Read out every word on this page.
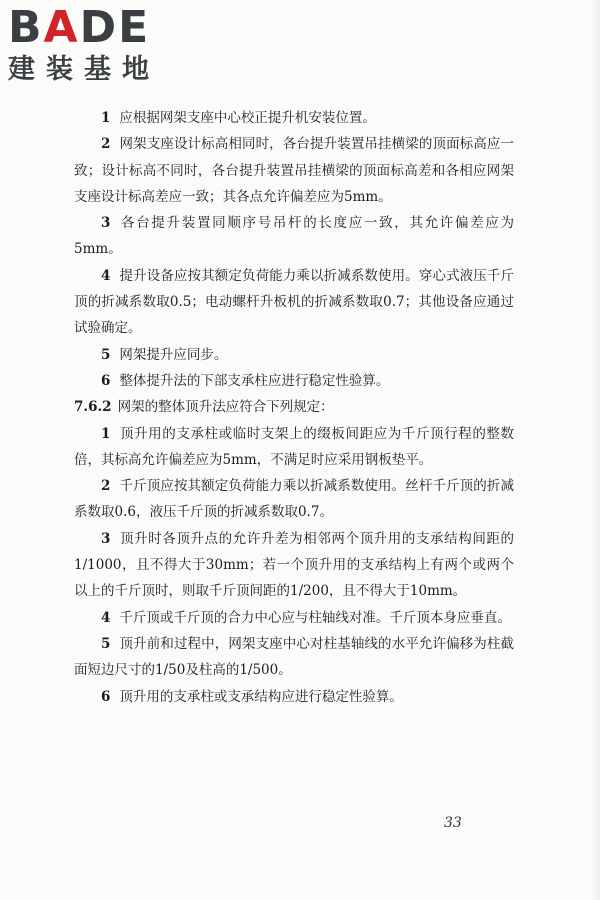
BADE
建装基地

1 应根据网架支座中心校正提升机安装位置。

2 网架支座设计标高相同时，各台提升装置吊挂横梁的顶面标高应一致；设计标高不同时，各台提升装置吊挂横梁的顶面标高差和各相应网架支座设计标高差应一致；其各点允许偏差应为5mm。

3 各台提升装置同顺序号吊杆的长度应一致，其允许偏差应为5mm。

4 提升设备应按其额定负荷能力乘以折减系数使用。穿心式液压千斤顶的折减系数取0.5；电动螺杆升板机的折减系数取0.7；其他设备应通过试验确定。

5 网架提升应同步。

6 整体提升法的下部支承柱应进行稳定性验算。

7.6.2 网架的整体顶升法应符合下列规定：

1 顶升用的支承柱或临时支架上的缀板间距应为千斤顶行程的整数倍，其标高允许偏差应为5mm，不满足时应采用钢板垫平。

2 千斤顶应按其额定负荷能力乘以折减系数使用。丝杆千斤顶的折减系数取0.6，液压千斤顶的折减系数取0.7。

3 顶升时各顶升点的允许升差为相邻两个顶升用的支承结构间距的1/1000，且不得大于30mm；若一个顶升用的支承结构上有两个或两个以上的千斤顶时，则取千斤顶间距的1/200，且不得大于10mm。

4 千斤顶或千斤顶的合力中心应与柱轴线对准。千斤顶本身应垂直。

5 顶升前和过程中，网架支座中心对柱基轴线的水平允许偏移为柱截面短边尺寸的1/50及柱高的1/500。

6 顶升用的支承柱或支承结构应进行稳定性验算。

33
